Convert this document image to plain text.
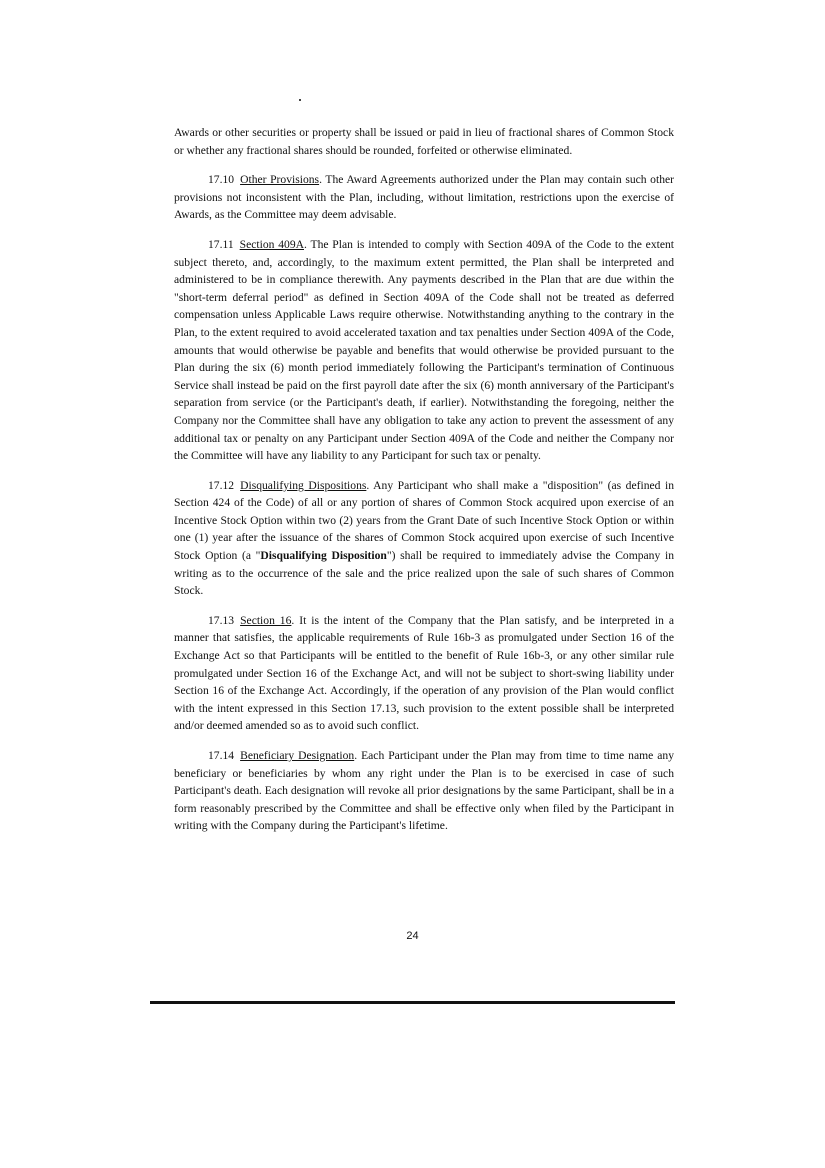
Awards or other securities or property shall be issued or paid in lieu of fractional shares of Common Stock or whether any fractional shares should be rounded, forfeited or otherwise eliminated.

17.10 Other Provisions. The Award Agreements authorized under the Plan may contain such other provisions not inconsistent with the Plan, including, without limitation, restrictions upon the exercise of Awards, as the Committee may deem advisable.

17.11 Section 409A. The Plan is intended to comply with Section 409A of the Code to the extent subject thereto, and, accordingly, to the maximum extent permitted, the Plan shall be interpreted and administered to be in compliance therewith. Any payments described in the Plan that are due within the "short-term deferral period" as defined in Section 409A of the Code shall not be treated as deferred compensation unless Applicable Laws require otherwise. Notwithstanding anything to the contrary in the Plan, to the extent required to avoid accelerated taxation and tax penalties under Section 409A of the Code, amounts that would otherwise be payable and benefits that would otherwise be provided pursuant to the Plan during the six (6) month period immediately following the Participant's termination of Continuous Service shall instead be paid on the first payroll date after the six (6) month anniversary of the Participant's separation from service (or the Participant's death, if earlier). Notwithstanding the foregoing, neither the Company nor the Committee shall have any obligation to take any action to prevent the assessment of any additional tax or penalty on any Participant under Section 409A of the Code and neither the Company nor the Committee will have any liability to any Participant for such tax or penalty.

17.12 Disqualifying Dispositions. Any Participant who shall make a "disposition" (as defined in Section 424 of the Code) of all or any portion of shares of Common Stock acquired upon exercise of an Incentive Stock Option within two (2) years from the Grant Date of such Incentive Stock Option or within one (1) year after the issuance of the shares of Common Stock acquired upon exercise of such Incentive Stock Option (a "Disqualifying Disposition") shall be required to immediately advise the Company in writing as to the occurrence of the sale and the price realized upon the sale of such shares of Common Stock.

17.13 Section 16. It is the intent of the Company that the Plan satisfy, and be interpreted in a manner that satisfies, the applicable requirements of Rule 16b-3 as promulgated under Section 16 of the Exchange Act so that Participants will be entitled to the benefit of Rule 16b-3, or any other similar rule promulgated under Section 16 of the Exchange Act, and will not be subject to short-swing liability under Section 16 of the Exchange Act. Accordingly, if the operation of any provision of the Plan would conflict with the intent expressed in this Section 17.13, such provision to the extent possible shall be interpreted and/or deemed amended so as to avoid such conflict.

17.14 Beneficiary Designation. Each Participant under the Plan may from time to time name any beneficiary or beneficiaries by whom any right under the Plan is to be exercised in case of such Participant's death. Each designation will revoke all prior designations by the same Participant, shall be in a form reasonably prescribed by the Committee and shall be effective only when filed by the Participant in writing with the Company during the Participant's lifetime.

24
